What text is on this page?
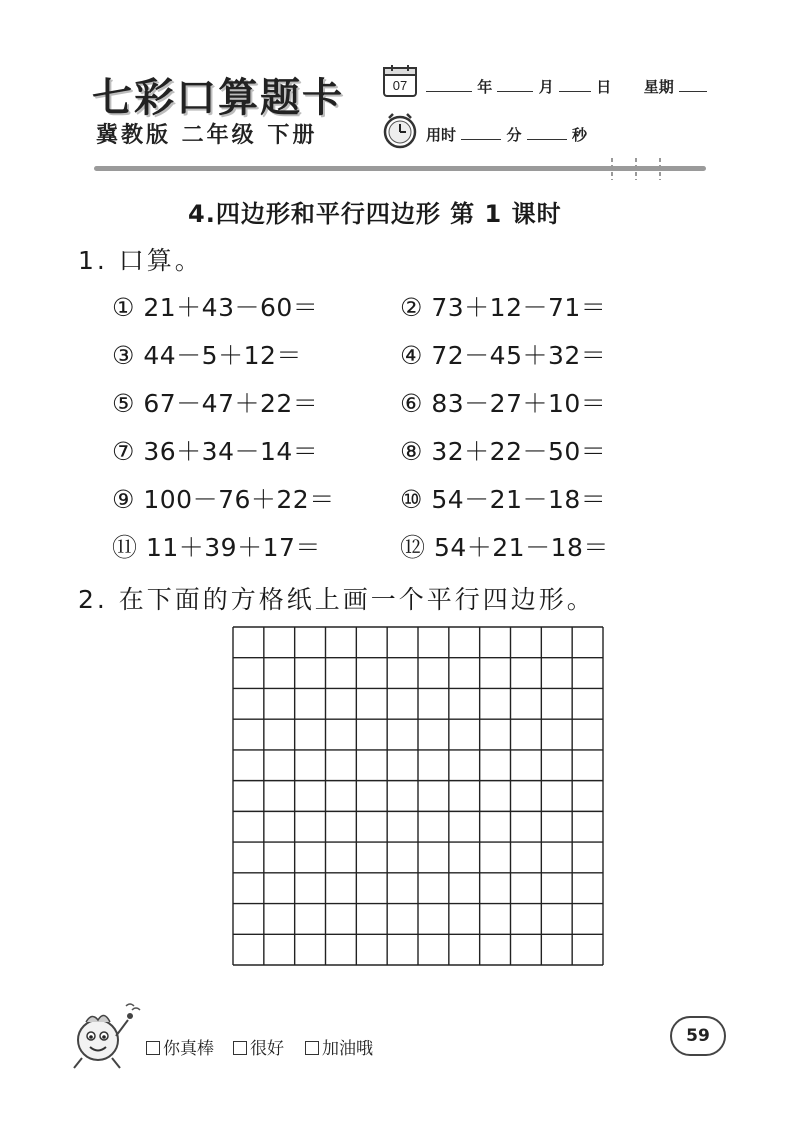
七彩口算题卡
冀教版 二年级 下册
07	年	月	日 星期
用时	分	秒
4.四边形和平行四边形 第 1 课时
1. 口算。
① 21＋43－60＝	② 73＋12－71＝
③ 44－5＋12＝	④ 72－45＋32＝
⑤ 67－47＋22＝	⑥ 83－27＋10＝
⑦ 36＋34－14＝	⑧ 32＋22－50＝
⑨ 100－76＋22＝	⑩ 54－21－18＝
⑪ 11＋39＋17＝	⑫ 54＋21－18＝
2. 在下面的方格纸上画一个平行四边形。
你真棒	很好	加油哦
59
